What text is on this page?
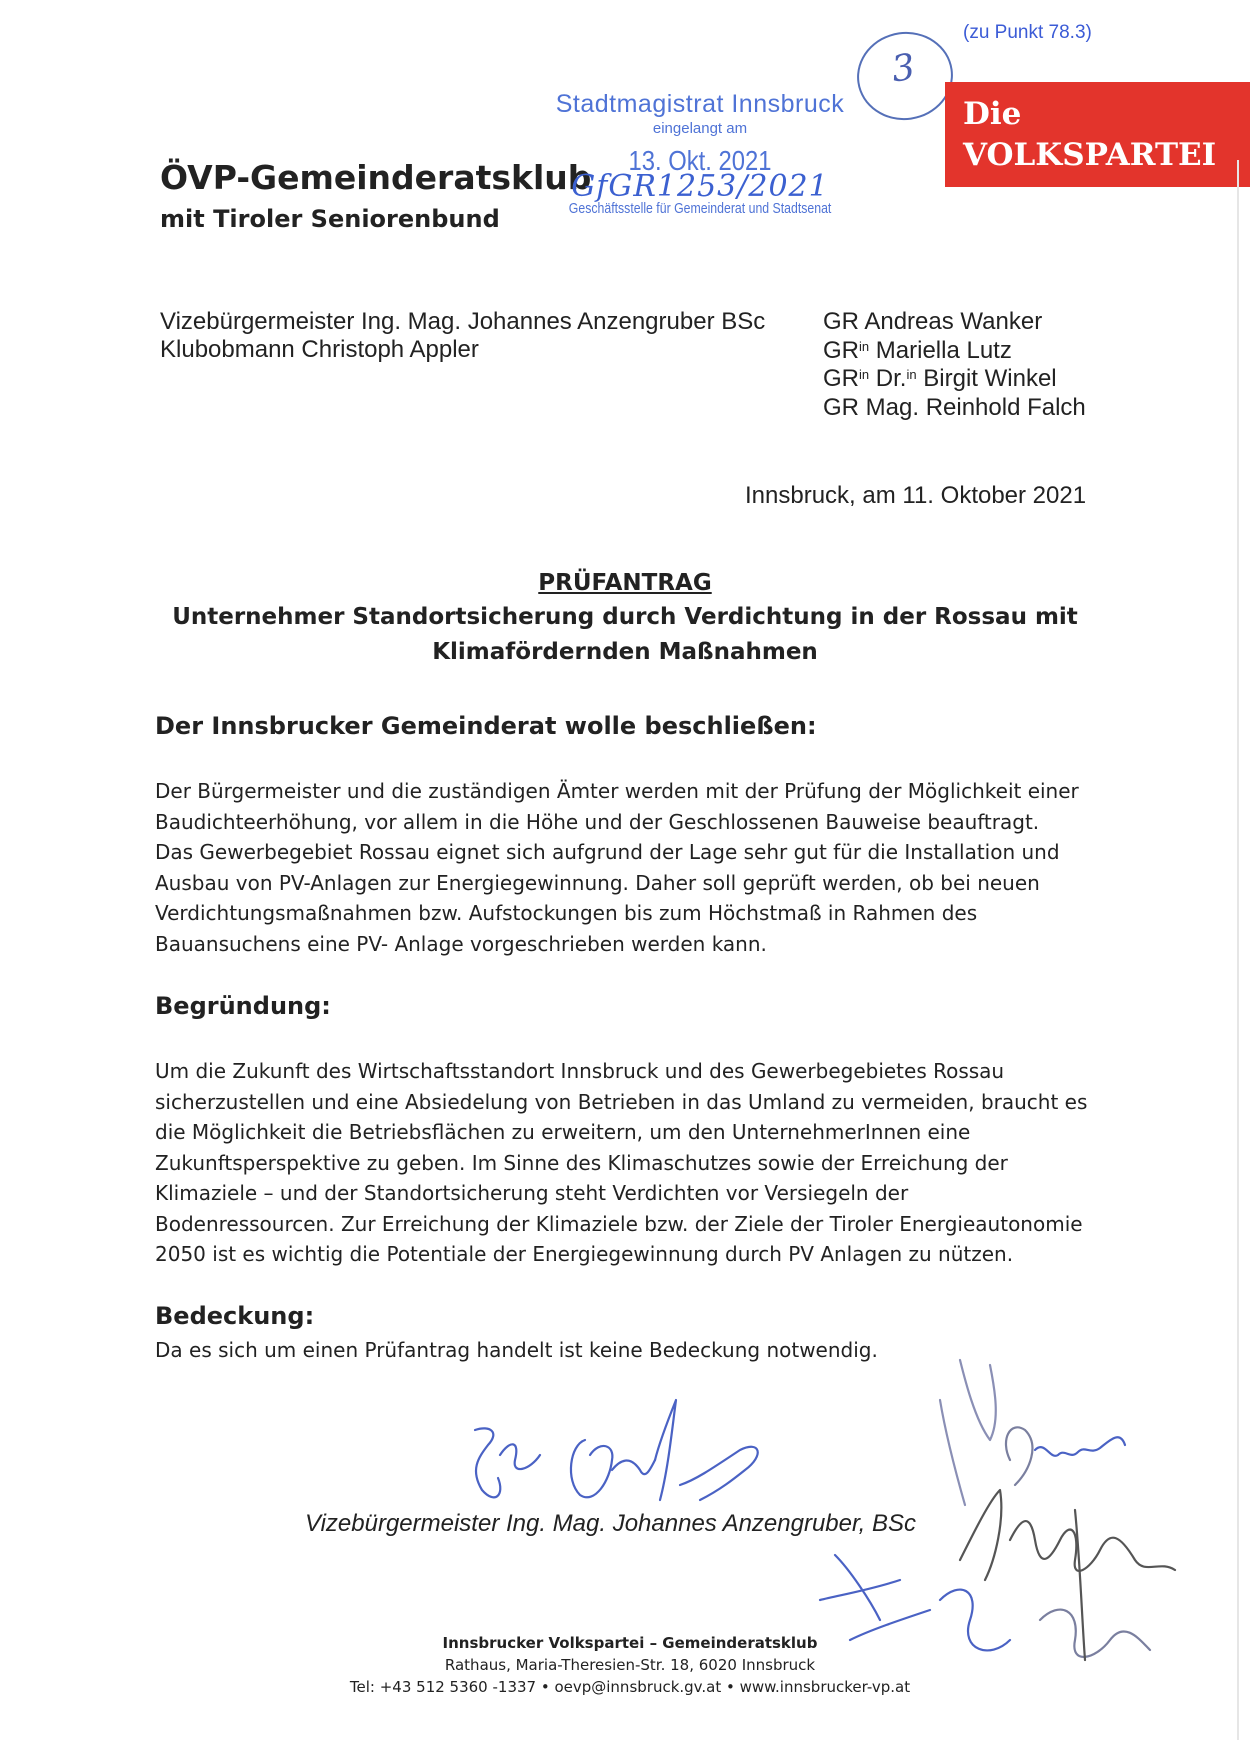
(zu Punkt 78.3)
3
Die
VOLKSPARTEI
ÖVP-Gemeinderatsklub
mit Tiroler Seniorenbund
Stadtmagistrat Innsbruck
eingelangt am
13. Okt. 2021
GfGR1253/2021
Geschäftsstelle für Gemeinderat und Stadtsenat
Vizebürgermeister Ing. Mag. Johannes Anzengruber BSc
Klubobmann Christoph Appler
GR Andreas Wanker
$GR^{in}$ Mariella Lutz
$GR^{in}$ Dr.$^{in}$ Birgit Winkel
GR Mag. Reinhold Falch
Innsbruck, am 11. Oktober 2021
PRÜFANTRAG
Unternehmer Standortsicherung durch Verdichtung in der Rossau mit
Klimafördernden Maßnahmen
Der Innsbrucker Gemeinderat wolle beschließen:
Der Bürgermeister und die zuständigen Ämter werden mit der Prüfung der Möglichkeit einer
Baudichteerhöhung, vor allem in die Höhe und der Geschlossenen Bauweise beauftragt.
Das Gewerbegebiet Rossau eignet sich aufgrund der Lage sehr gut für die Installation und
Ausbau von PV-Anlagen zur Energiegewinnung. Daher soll geprüft werden, ob bei neuen
Verdichtungsmaßnahmen bzw. Aufstockungen bis zum Höchstmaß in Rahmen des
Bauansuchens eine PV- Anlage vorgeschrieben werden kann.
Begründung:
Um die Zukunft des Wirtschaftsstandort Innsbruck und des Gewerbegebietes Rossau
sicherzustellen und eine Absiedelung von Betrieben in das Umland zu vermeiden, braucht es
die Möglichkeit die Betriebsflächen zu erweitern, um den UnternehmerInnen eine
Zukunftsperspektive zu geben. Im Sinne des Klimaschutzes sowie der Erreichung der
Klimaziele – und der Standortsicherung steht Verdichten vor Versiegeln der
Bodenressourcen. Zur Erreichung der Klimaziele bzw. der Ziele der Tiroler Energieautonomie
2050 ist es wichtig die Potentiale der Energiegewinnung durch PV Anlagen zu nützen.
Bedeckung:
Da es sich um einen Prüfantrag handelt ist keine Bedeckung notwendig.
Vizebürgermeister Ing. Mag. Johannes Anzengruber, BSc
Innsbrucker Volkspartei – Gemeinderatsklub
Rathaus, Maria-Theresien-Str. 18, 6020 Innsbruck
Tel: +43 512 5360 -1337 • oevp@innsbruck.gv.at • www.innsbrucker-vp.at
